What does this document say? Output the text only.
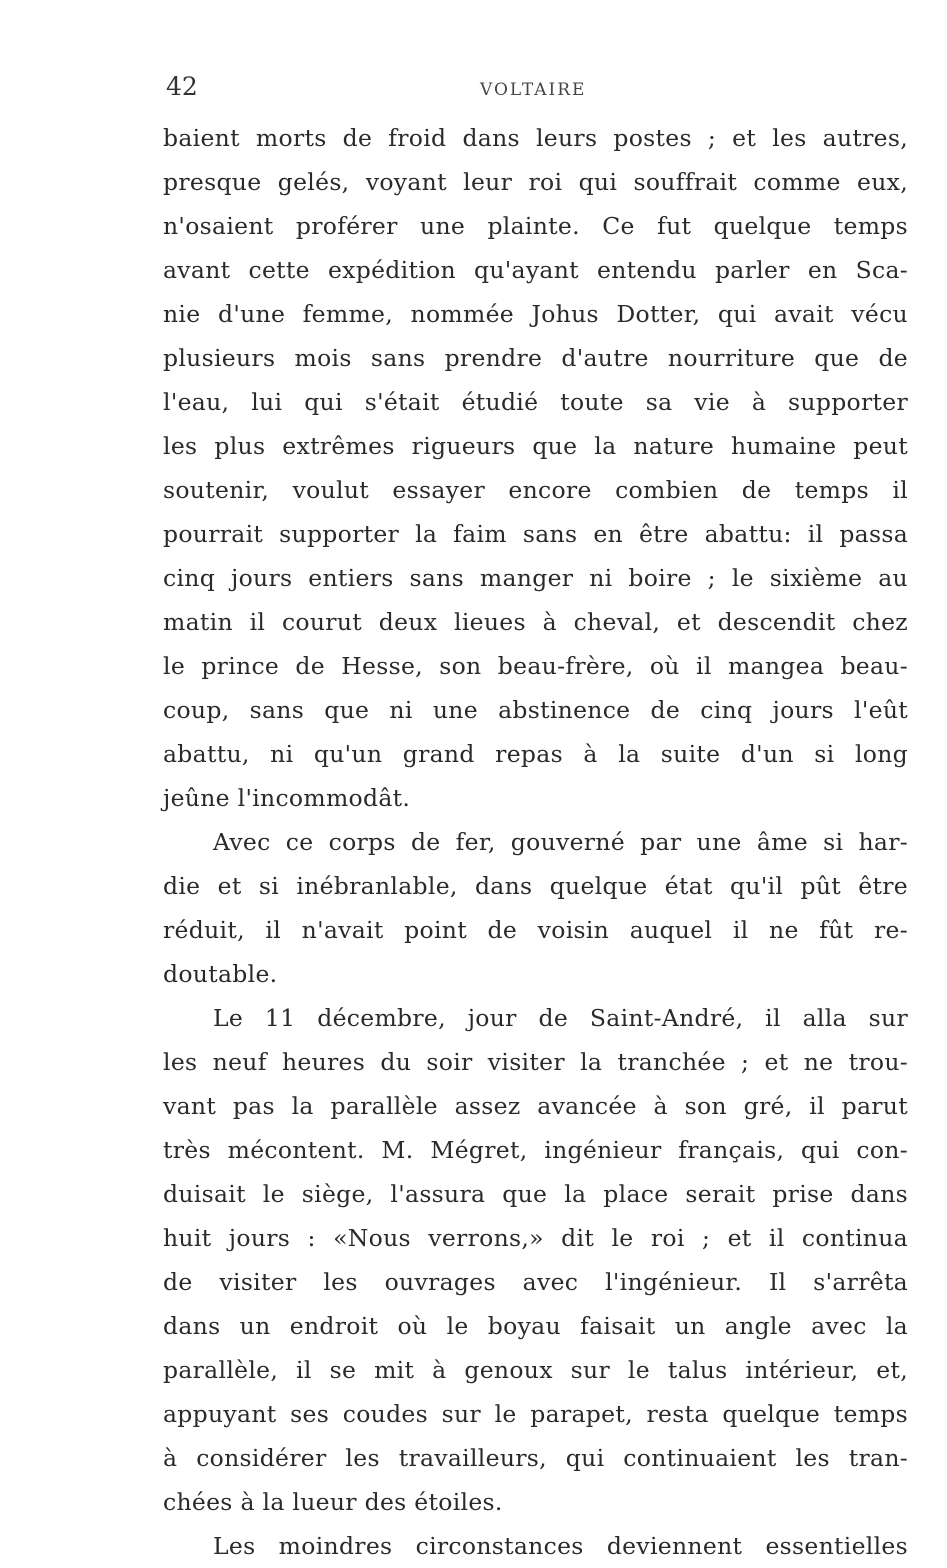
42	VOLTAIRE
baient morts de froid dans leurs postes ; et les autres,
presque gelés, voyant leur roi qui souffrait comme eux,
n'osaient proférer une plainte. Ce fut quelque temps
avant cette expédition qu'ayant entendu parler en Sca-
nie d'une femme, nommée Johus Dotter, qui avait vécu
plusieurs mois sans prendre d'autre nourriture que de
l'eau, lui qui s'était étudié toute sa vie à supporter
les plus extrêmes rigueurs que la nature humaine peut
soutenir, voulut essayer encore combien de temps il
pourrait supporter la faim sans en être abattu: il passa
cinq jours entiers sans manger ni boire ; le sixième au
matin il courut deux lieues à cheval, et descendit chez
le prince de Hesse, son beau-frère, où il mangea beau-
coup, sans que ni une abstinence de cinq jours l'eût
abattu, ni qu'un grand repas à la suite d'un si long
jeûne l'incommodât.
Avec ce corps de fer, gouverné par une âme si har-
die et si inébranlable, dans quelque état qu'il pût être
réduit, il n'avait point de voisin auquel il ne fût re-
doutable.
Le 11 décembre, jour de Saint-André, il alla sur
les neuf heures du soir visiter la tranchée ; et ne trou-
vant pas la parallèle assez avancée à son gré, il parut
très mécontent. M. Mégret, ingénieur français, qui con-
duisait le siège, l'assura que la place serait prise dans
huit jours : «Nous verrons,» dit le roi ; et il continua
de visiter les ouvrages avec l'ingénieur. Il s'arrêta
dans un endroit où le boyau faisait un angle avec la
parallèle, il se mit à genoux sur le talus intérieur, et,
appuyant ses coudes sur le parapet, resta quelque temps
à considérer les travailleurs, qui continuaient les tran-
chées à la lueur des étoiles.
Les moindres circonstances deviennent essentielles
